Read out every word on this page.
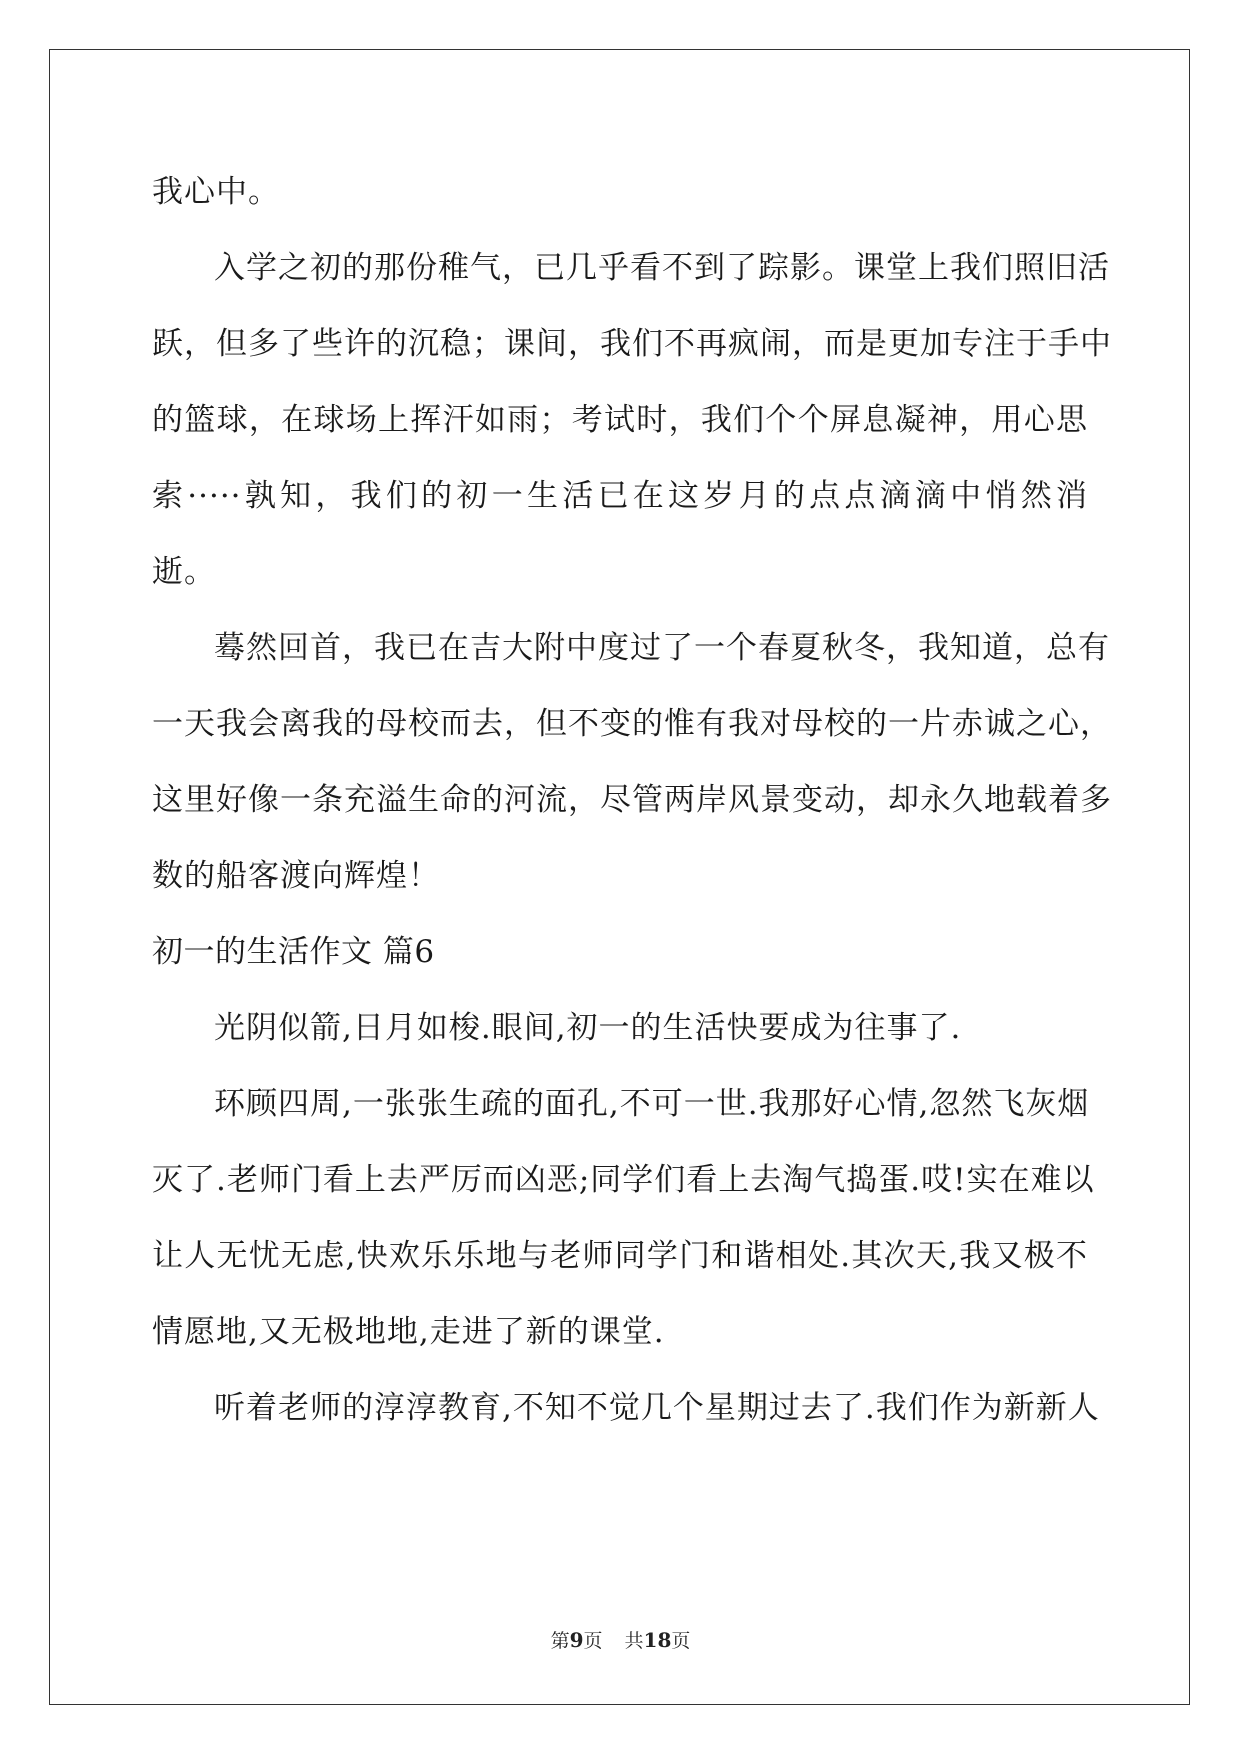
我心中。
入学之初的那份稚气，已几乎看不到了踪影。课堂上我们照旧活
跃，但多了些许的沉稳；课间，我们不再疯闹，而是更加专注于手中
的篮球，在球场上挥汗如雨；考试时，我们个个屏息凝神，用心思
索·····孰知，我们的初一生活已在这岁月的点点滴滴中悄然消
逝。
蓦然回首，我已在吉大附中度过了一个春夏秋冬，我知道，总有
一天我会离我的母校而去，但不变的惟有我对母校的一片赤诚之心，
这里好像一条充溢生命的河流，尽管两岸风景变动，却永久地载着多
数的船客渡向辉煌！
初一的生活作文 篇6
光阴似箭,日月如梭.眼间,初一的生活快要成为往事了.
环顾四周,一张张生疏的面孔,不可一世.我那好心情,忽然飞灰烟
灭了.老师门看上去严厉而凶恶;同学们看上去淘气捣蛋.哎!实在难以
让人无忧无虑,快欢乐乐地与老师同学门和谐相处.其次天,我又极不
情愿地,又无极地地,走进了新的课堂.
听着老师的淳淳教育,不知不觉几个星期过去了.我们作为新新人
第9页 共18页
